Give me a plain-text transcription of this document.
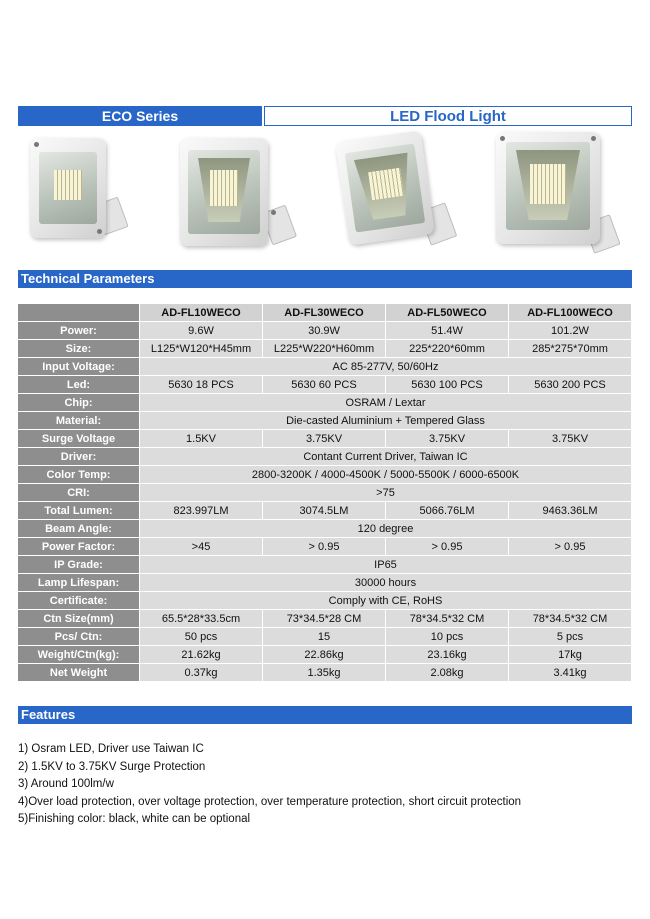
ECO Series	LED Flood Light
Technical Parameters
	AD-FL10WECO	AD-FL30WECO	AD-FL50WECO	AD-FL100WECO
Power:	9.6W	30.9W	51.4W	101.2W
Size:	L125*W120*H45mm	L225*W220*H60mm	225*220*60mm	285*275*70mm
Input Voltage:	AC 85-277V, 50/60Hz			
Led:	5630 18 PCS	5630 60 PCS	5630 100 PCS	5630 200 PCS
Chip:	OSRAM / Lextar			
Material:	Die-casted Aluminium + Tempered Glass			
Surge Voltage	1.5KV	3.75KV	3.75KV	3.75KV
Driver:	Contant Current Driver, Taiwan IC			
Color Temp:	2800-3200K / 4000-4500K / 5000-5500K / 6000-6500K			
CRI:	>75			
Total Lumen:	823.997LM	3074.5LM	5066.76LM	9463.36LM
Beam Angle:	120 degree			
Power Factor:	>45	> 0.95	> 0.95	> 0.95
IP Grade:	IP65			
Lamp Lifespan:	30000 hours			
Certificate:	Comply with CE, RoHS			
Ctn Size(mm)	65.5*28*33.5cm	73*34.5*28 CM	78*34.5*32 CM	78*34.5*32 CM
Pcs/ Ctn:	50 pcs	15	10 pcs	5 pcs
Weight/Ctn(kg):	21.62kg	22.86kg	23.16kg	17kg
Net Weight	0.37kg	1.35kg	2.08kg	3.41kg
Features
1) Osram LED, Driver use Taiwan IC
2) 1.5KV to 3.75KV Surge Protection
3) Around 100lm/w
4)Over load protection, over voltage protection, over temperature protection, short circuit protection
5)Finishing color: black, white can be optional
